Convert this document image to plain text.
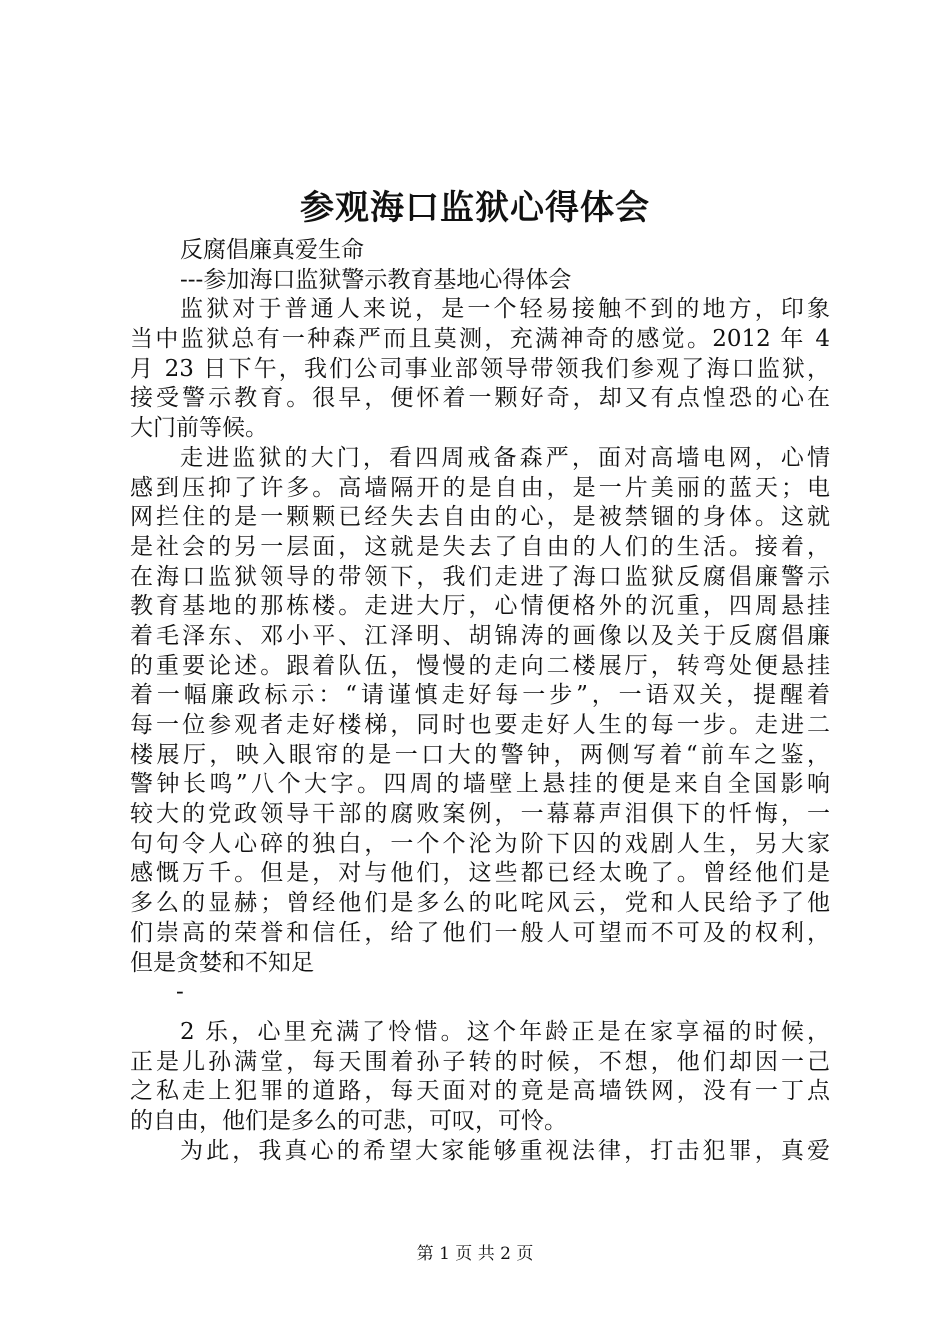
参观海口监狱心得体会
反腐倡廉真爱生命
---参加海口监狱警示教育基地心得体会
监狱对于普通人来说，是一个轻易接触不到的地方，印象
当中监狱总有一种森严而且莫测，充满神奇的感觉。2012 年 4
月 23 日下午，我们公司事业部领导带领我们参观了海口监狱，
接受警示教育。很早，便怀着一颗好奇，却又有点惶恐的心在
大门前等候。
走进监狱的大门，看四周戒备森严，面对高墙电网，心情
感到压抑了许多。高墙隔开的是自由，是一片美丽的蓝天；电
网拦住的是一颗颗已经失去自由的心，是被禁锢的身体。这就
是社会的另一层面，这就是失去了自由的人们的生活。接着，
在海口监狱领导的带领下，我们走进了海口监狱反腐倡廉警示
教育基地的那栋楼。走进大厅，心情便格外的沉重，四周悬挂
着毛泽东、邓小平、江泽明、胡锦涛的画像以及关于反腐倡廉
的重要论述。跟着队伍，慢慢的走向二楼展厅，转弯处便悬挂
着一幅廉政标示：“请谨慎走好每一步”，一语双关，提醒着
每一位参观者走好楼梯，同时也要走好人生的每一步。走进二
楼展厅，映入眼帘的是一口大的警钟，两侧写着“前车之鉴，
警钟长鸣”八个大字。四周的墙壁上悬挂的便是来自全国影响
较大的党政领导干部的腐败案例，一幕幕声泪俱下的忏悔，一
句句令人心碎的独白，一个个沦为阶下囚的戏剧人生，另大家
感慨万千。但是，对与他们，这些都已经太晚了。曾经他们是
多么的显赫；曾经他们是多么的叱咤风云，党和人民给予了他
们崇高的荣誉和信任，给了他们一般人可望而不可及的权利，
但是贪婪和不知足
-
2 乐，心里充满了怜惜。这个年龄正是在家享福的时候，
正是儿孙满堂，每天围着孙子转的时候，不想，他们却因一己
之私走上犯罪的道路，每天面对的竟是高墙铁网，没有一丁点
的自由，他们是多么的可悲，可叹，可怜。
为此，我真心的希望大家能够重视法律，打击犯罪，真爱
第 1 页 共 2 页
